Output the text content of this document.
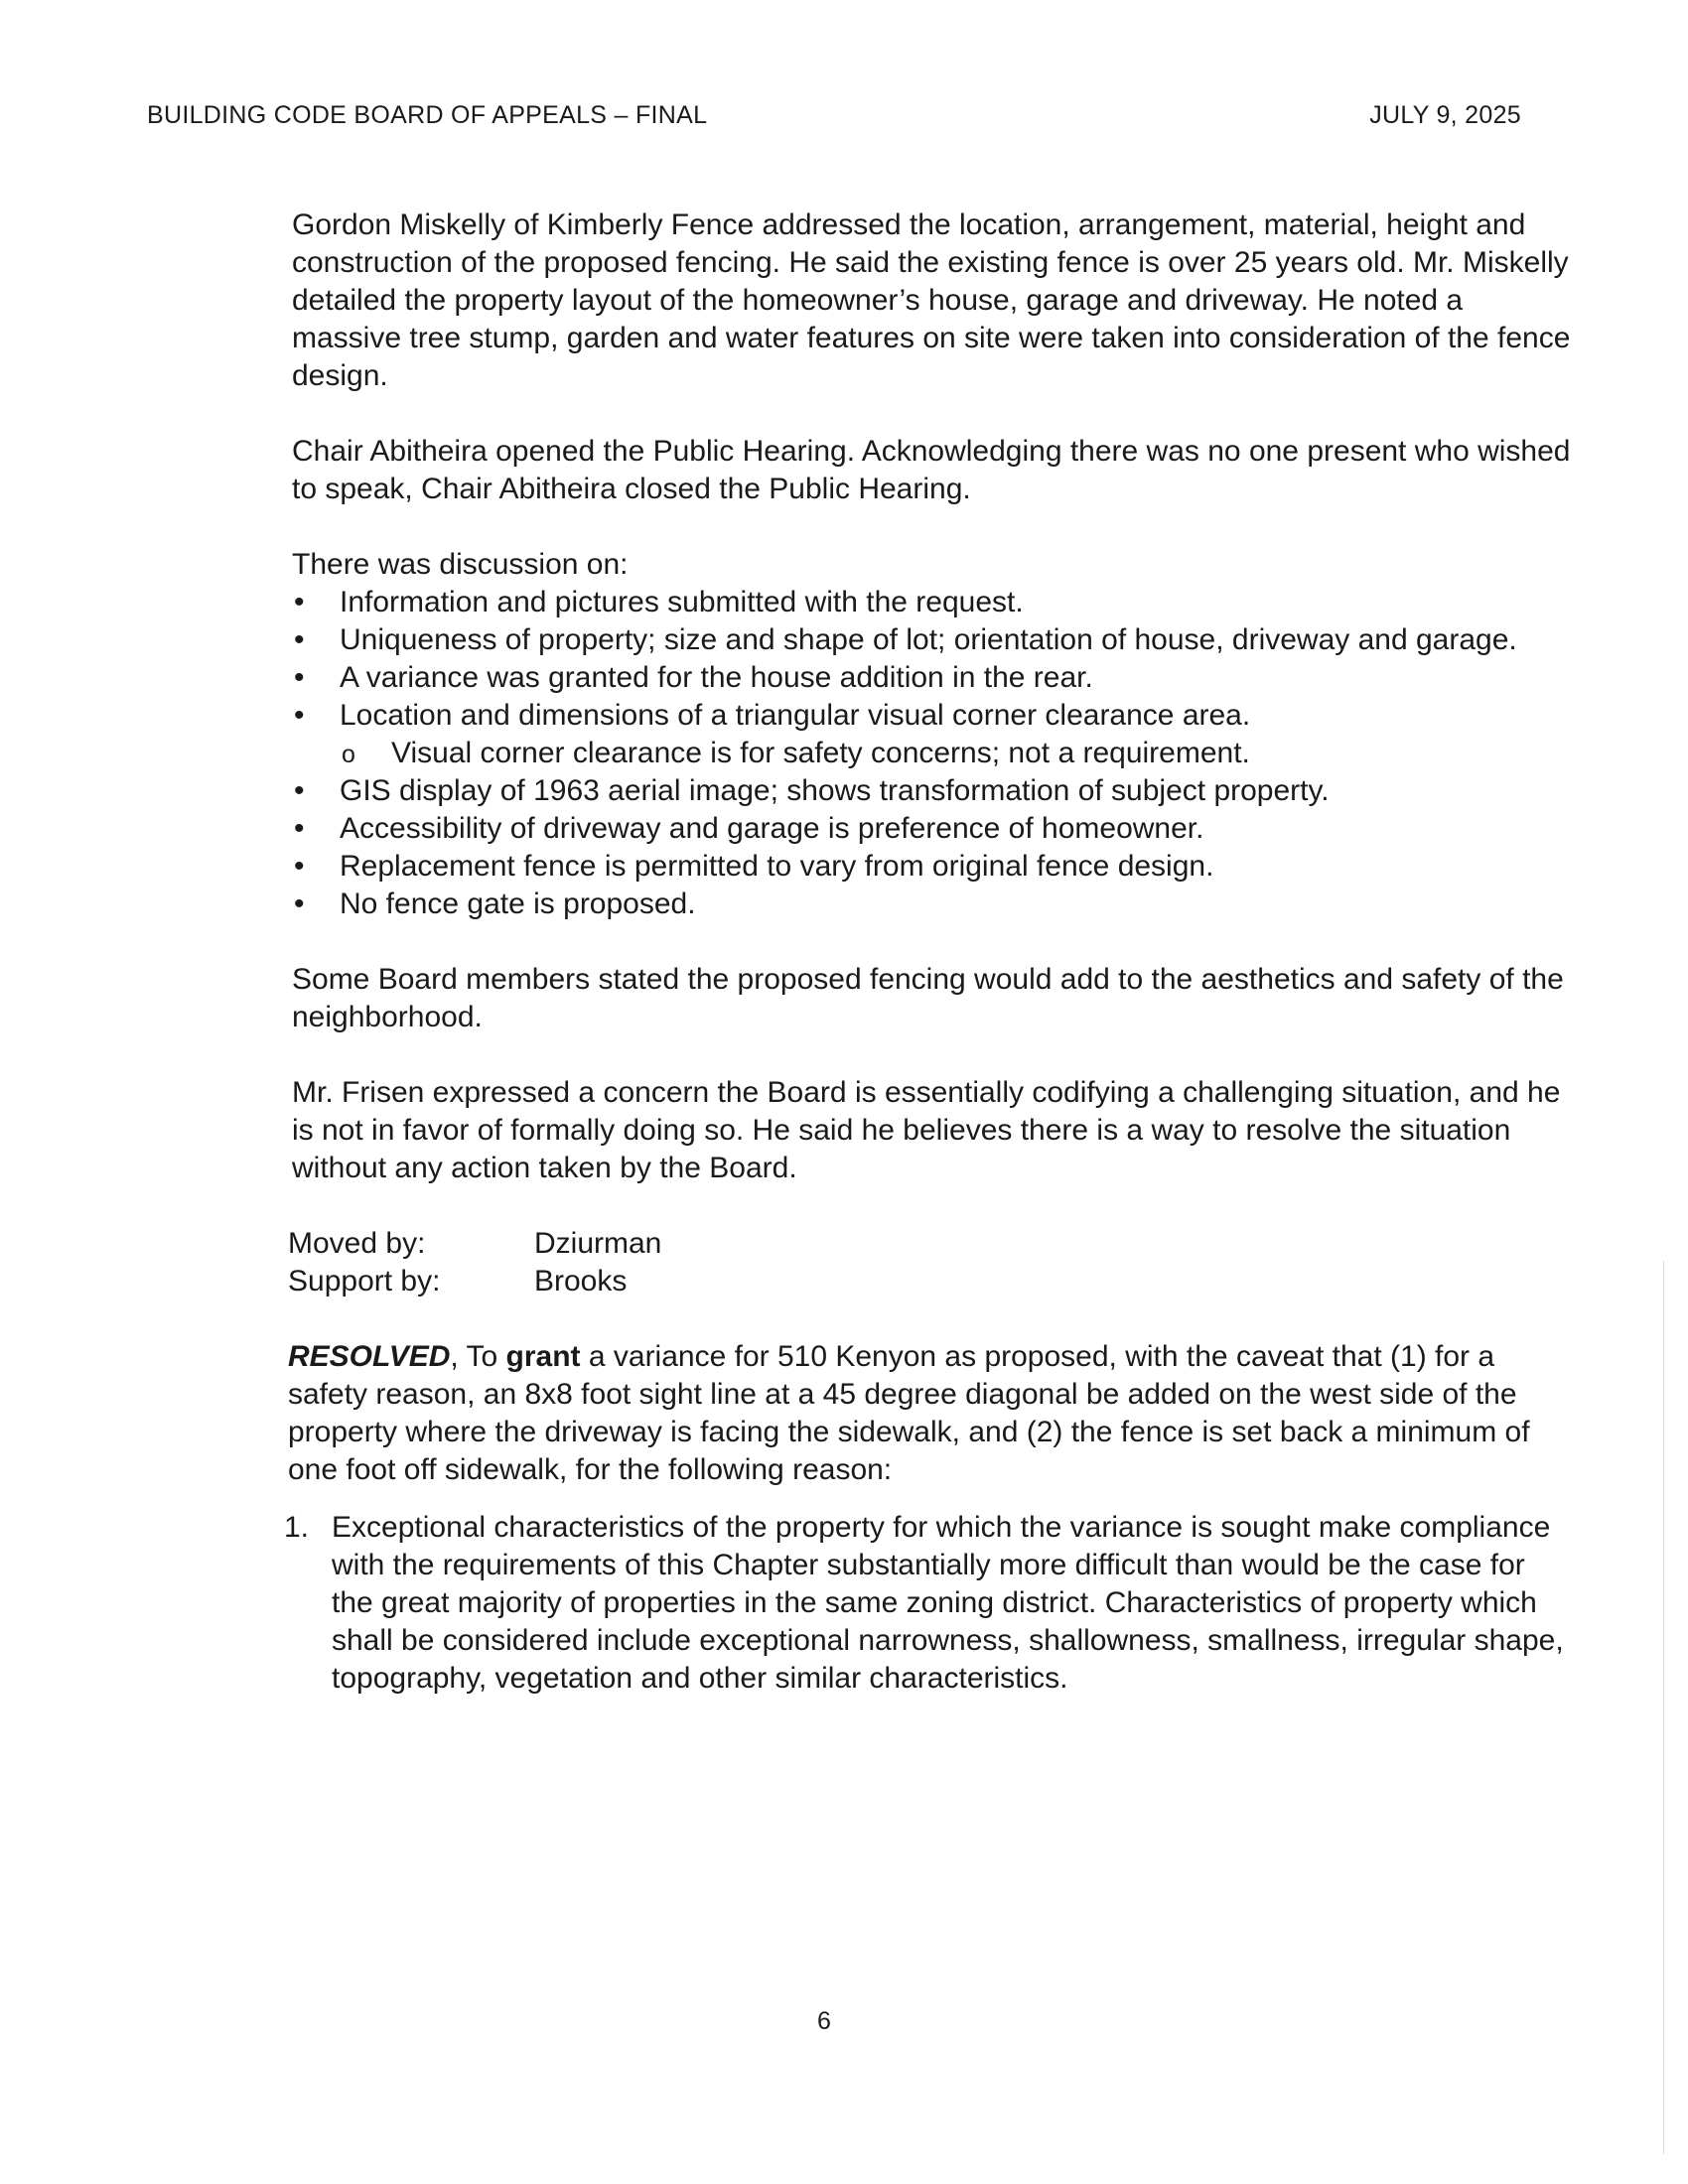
BUILDING CODE BOARD OF APPEALS – FINAL	JULY 9, 2025

Gordon Miskelly of Kimberly Fence addressed the location, arrangement, material, height and construction of the proposed fencing. He said the existing fence is over 25 years old. Mr. Miskelly detailed the property layout of the homeowner’s house, garage and driveway. He noted a massive tree stump, garden and water features on site were taken into consideration of the fence design.

Chair Abitheira opened the Public Hearing. Acknowledging there was no one present who wished to speak, Chair Abitheira closed the Public Hearing.

There was discussion on:

• Information and pictures submitted with the request.
• Uniqueness of property; size and shape of lot; orientation of house, driveway and garage.
• A variance was granted for the house addition in the rear.
• Location and dimensions of a triangular visual corner clearance area.
o Visual corner clearance is for safety concerns; not a requirement.
• GIS display of 1963 aerial image; shows transformation of subject property.
• Accessibility of driveway and garage is preference of homeowner.
• Replacement fence is permitted to vary from original fence design.
• No fence gate is proposed.

Some Board members stated the proposed fencing would add to the aesthetics and safety of the neighborhood.

Mr. Frisen expressed a concern the Board is essentially codifying a challenging situation, and he is not in favor of formally doing so. He said he believes there is a way to resolve the situation without any action taken by the Board.

Moved by:	Dziurman
Support by:	Brooks

RESOLVED, To grant a variance for 510 Kenyon as proposed, with the caveat that (1) for a safety reason, an 8x8 foot sight line at a 45 degree diagonal be added on the west side of the property where the driveway is facing the sidewalk, and (2) the fence is set back a minimum of one foot off sidewalk, for the following reason:

1. Exceptional characteristics of the property for which the variance is sought make compliance with the requirements of this Chapter substantially more difficult than would be the case for the great majority of properties in the same zoning district. Characteristics of property which shall be considered include exceptional narrowness, shallowness, smallness, irregular shape, topography, vegetation and other similar characteristics.
6
